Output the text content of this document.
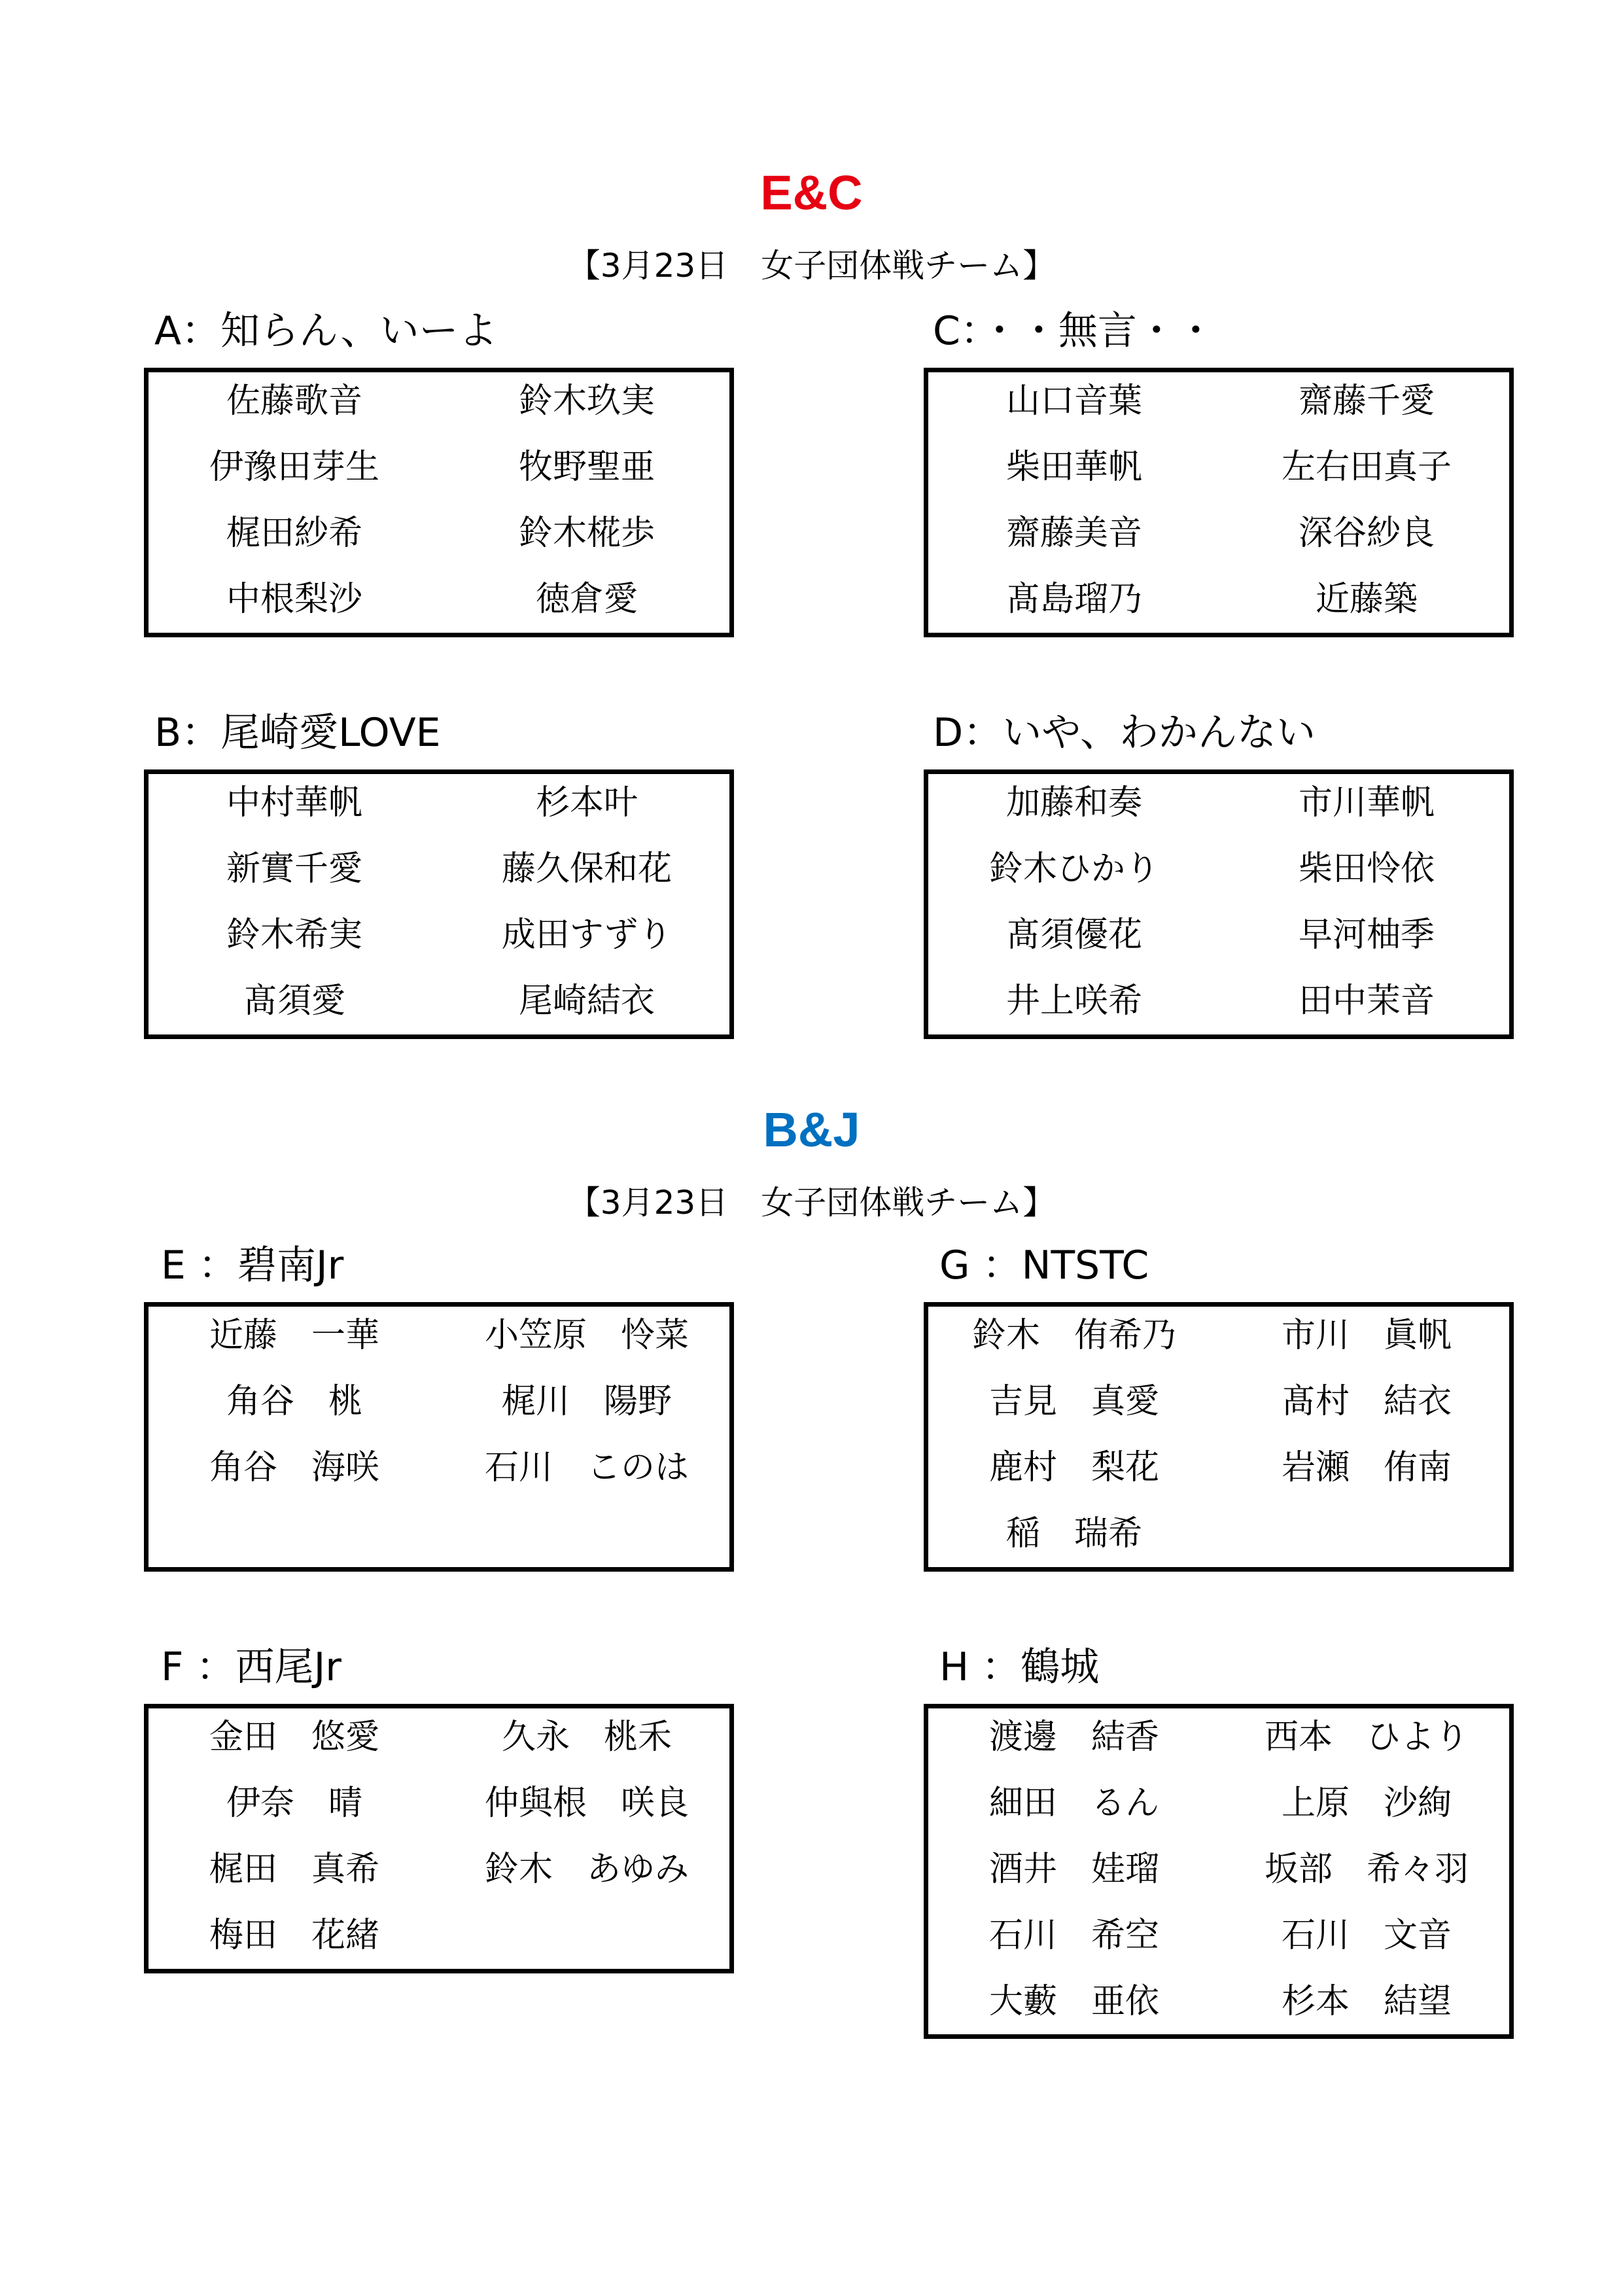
E&C
【3月23日　女子団体戦チーム】
A：知らん、いーよ
佐藤歌音	鈴木玖実
伊豫田芽生	牧野聖亜
梶田紗希	鈴木椛歩
中根梨沙	徳倉愛
C：・・無言・・
山口音葉	齋藤千愛
柴田華帆	左右田真子
齋藤美音	深谷紗良
髙島瑠乃	近藤築
B：尾崎愛LOVE
中村華帆	杉本叶
新實千愛	藤久保和花
鈴木希実	成田すずり
髙須愛	尾崎結衣
D：いや、わかんない
加藤和奏	市川華帆
鈴木ひかり	柴田怜依
髙須優花	早河柚季
井上咲希	田中茉音
B&J
【3月23日　女子団体戦チーム】
E ：碧南Jr
近藤　一華	小笠原　怜菜
角谷　桃	梶川　陽野
角谷　海咲	石川　このは
G ：NTSTC
鈴木　侑希乃	市川　眞帆
吉見　真愛	髙村　結衣
鹿村　梨花	岩瀬　侑南
稲　瑞希
F ：西尾Jr
金田　悠愛	久永　桃禾
伊奈　晴	仲與根　咲良
梶田　真希	鈴木　あゆみ
梅田　花緒
H ：鶴城
渡邊　結香	西本　ひより
細田　るん	上原　沙絢
酒井　娃瑠	坂部　希々羽
石川　希空	石川　文音
大藪　亜依	杉本　結望
